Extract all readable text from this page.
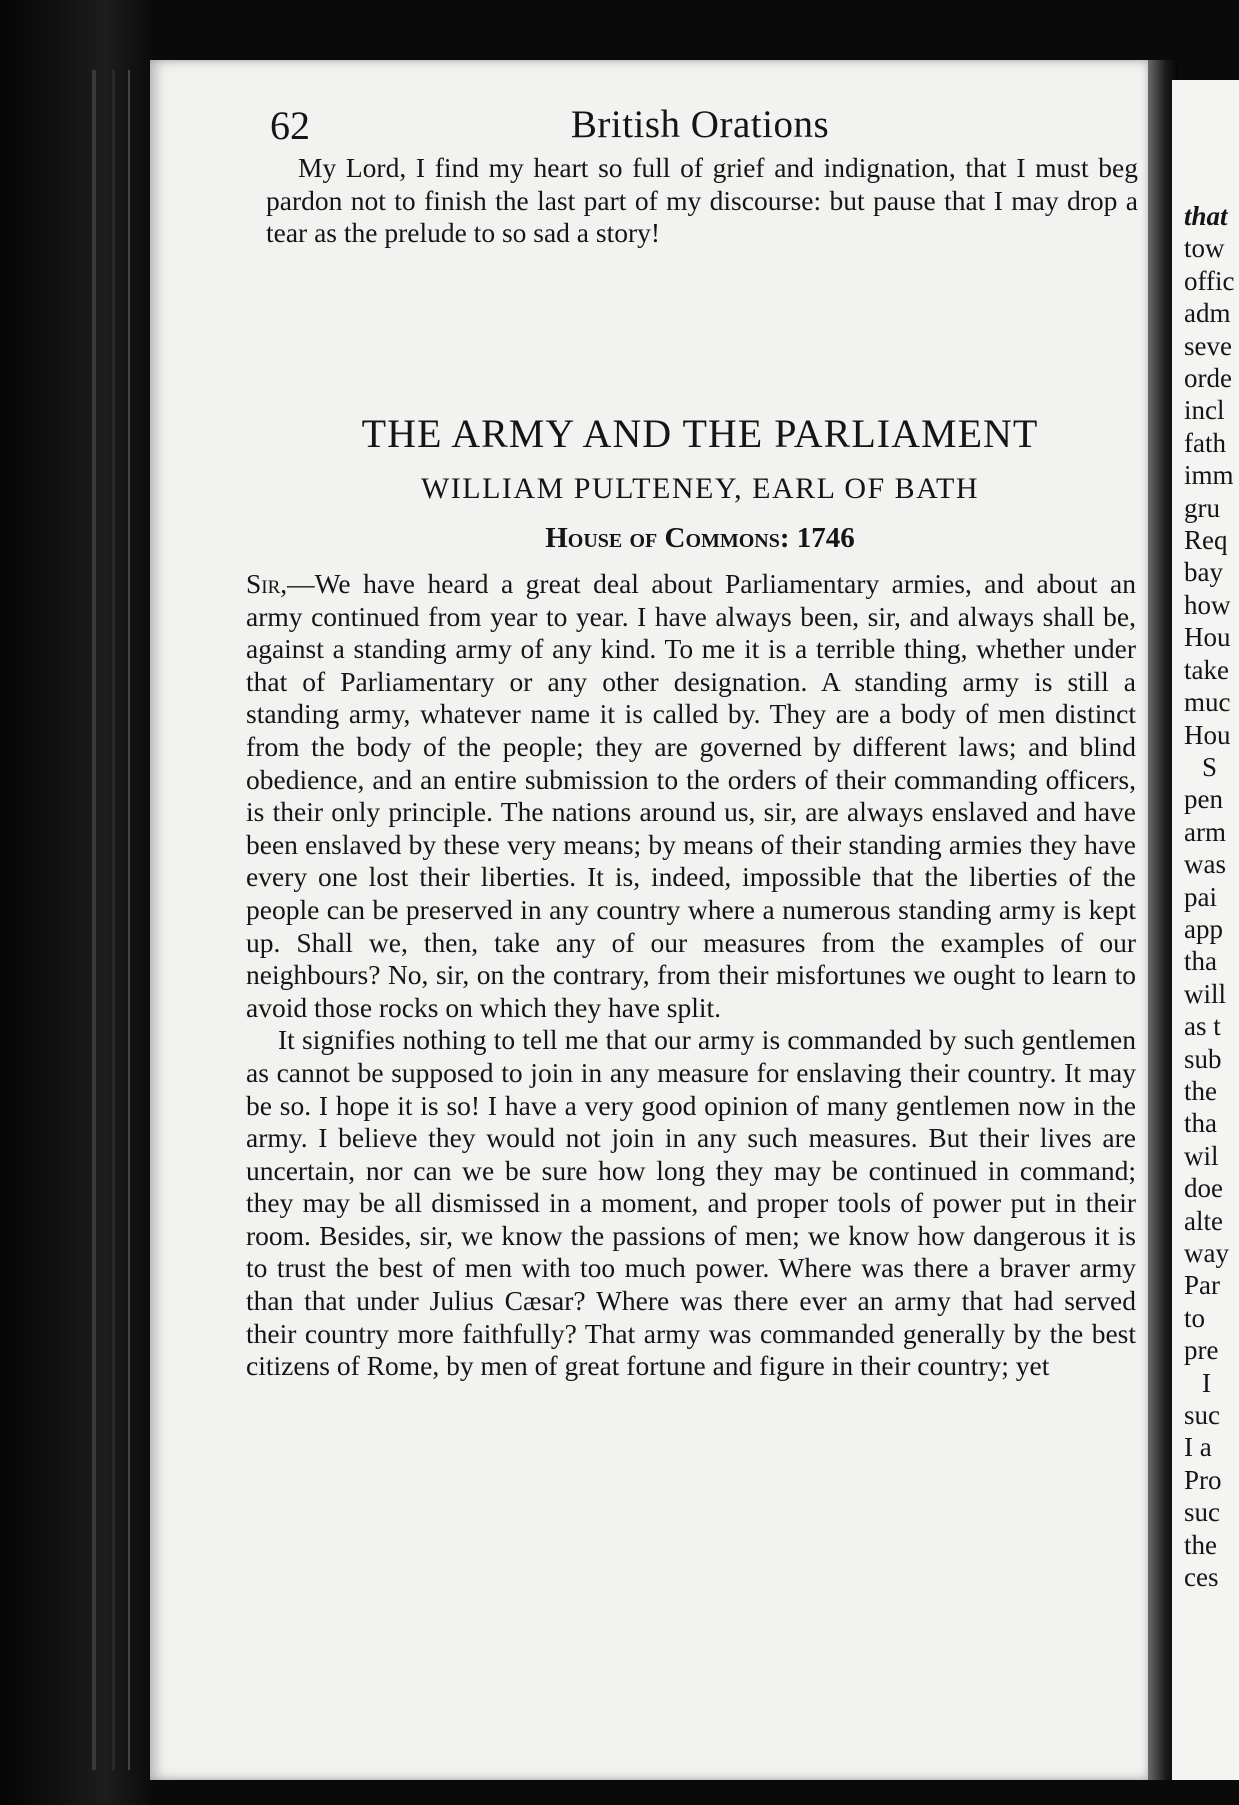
62	British Orations

My Lord, I find my heart so full of grief and indignation, that I must beg pardon not to finish the last part of my discourse: but pause that I may drop a tear as the prelude to so sad a story!

THE ARMY AND THE PARLIAMENT
WILLIAM PULTENEY, EARL OF BATH
House of Commons: 1746

Sir,—We have heard a great deal about Parliamentary armies, and about an army continued from year to year. I have always been, sir, and always shall be, against a standing army of any kind. To me it is a terrible thing, whether under that of Parliamentary or any other designation. A standing army is still a standing army, whatever name it is called by. They are a body of men distinct from the body of the people; they are governed by different laws; and blind obedience, and an entire submission to the orders of their commanding officers, is their only principle. The nations around us, sir, are always enslaved and have been enslaved by these very means; by means of their standing armies they have every one lost their liberties. It is, indeed, impossible that the liberties of the people can be preserved in any country where a numerous standing army is kept up. Shall we, then, take any of our measures from the examples of our neighbours? No, sir, on the contrary, from their misfortunes we ought to learn to avoid those rocks on which they have split.

It signifies nothing to tell me that our army is commanded by such gentlemen as cannot be supposed to join in any measure for enslaving their country. It may be so. I hope it is so! I have a very good opinion of many gentlemen now in the army. I believe they would not join in any such measures. But their lives are uncertain, nor can we be sure how long they may be continued in command; they may be all dismissed in a moment, and proper tools of power put in their room. Besides, sir, we know the passions of men; we know how dangerous it is to trust the best of men with too much power. Where was there a braver army than that under Julius Cæsar? Where was there ever an army that had served their country more faithfully? That army was commanded generally by the best citizens of Rome, by men of great fortune and figure in their country; yet

that
tow
offic
adm
seve
orde
incl
fath
imm
gru
Req
bay
how
Hou
take
muc
Hou
S
pen
arm
was
pai
app
tha
will
as t
sub
the
tha
wil
doe
alte
way
Par
to
pre
I
suc
I a
Pro
suc
the
ces
